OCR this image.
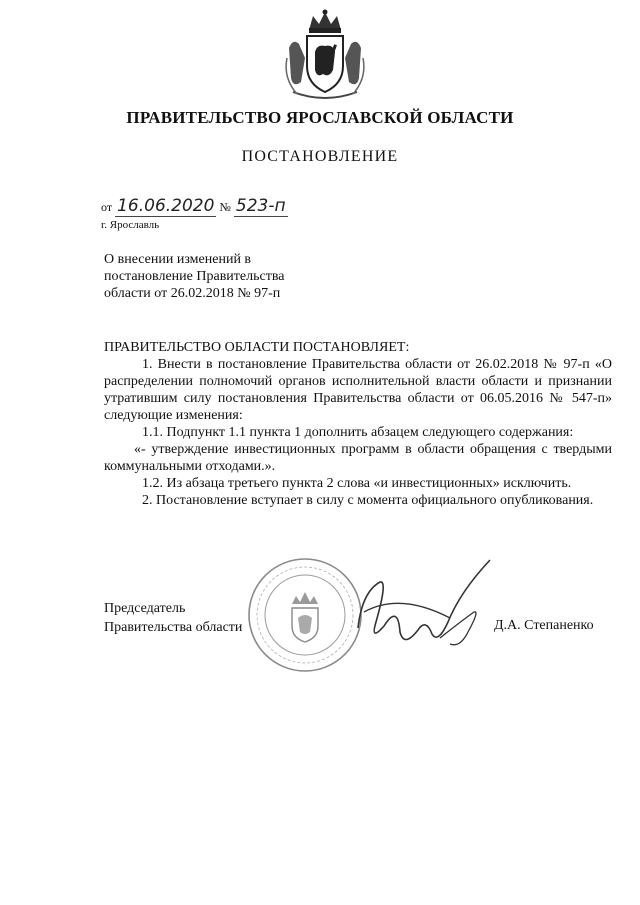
ПРАВИТЕЛЬСТВО ЯРОСЛАВСКОЙ ОБЛАСТИ
ПОСТАНОВЛЕНИЕ
от 16.06.2020 № 523-п
г. Ярославль
О внесении изменений в
постановление Правительства
области от 26.02.2018 № 97-п
ПРАВИТЕЛЬСТВО ОБЛАСТИ ПОСТАНОВЛЯЕТ:

1. Внести в постановление Правительства области от 26.02.2018 № 97-п «О распределении полномочий органов исполнительной власти области и признании утратившим силу постановления Правительства области от 06.05.2016 № 547-п» следующие изменения:

1.1. Подпункт 1.1 пункта 1 дополнить абзацем следующего содержания:

«- утверждение инвестиционных программ в области обращения с твердыми коммунальными отходами.».

1.2. Из абзаца третьего пункта 2 слова «и инвестиционных» исключить.

2. Постановление вступает в силу с момента официального опубликования.

Председатель
Правительства области	Д.А. Степаненко
